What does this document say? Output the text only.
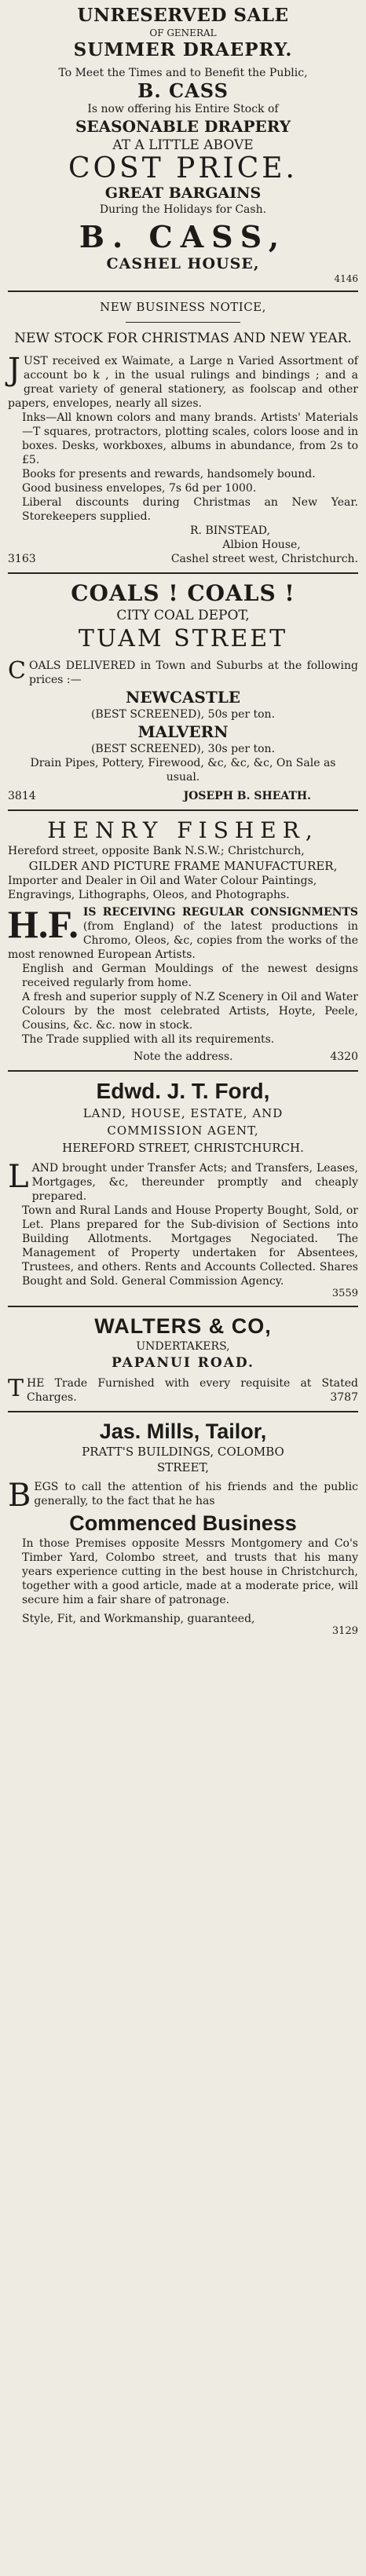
UNRESERVED SALE
OF GENERAL
SUMMER DRAEPRY.
To Meet the Times and to Benefit the Public,
B. CASS
Is now offering his Entire Stock of
SEASONABLE DRAPERY
AT A LITTLE ABOVE
COST PRICE.
GREAT BARGAINS
During the Holidays for Cash.
B. CASS,
CASHEL HOUSE,
4146
NEW BUSINESS NOTICE,
NEW STOCK FOR CHRISTMAS AND NEW YEAR.
JUST received ex Waimate, a Large n Varied Assortment of account bo k , in the usual rulings and bindings ; and a great variety of general stationery, as foolscap and other papers, envelopes, nearly all sizes.
Inks—All known colors and many brands. Artists' Materials—T squares, protractors, plotting scales, colors loose and in boxes. Desks, workboxes, albums in abundance, from 2s to £5.
Books for presents and rewards, handsomely bound.
Good business envelopes, 7s 6d per 1000.
Liberal discounts during Christmas an New Year. Storekeepers supplied.
R. BINSTEAD,
Albion House,
3163	Cashel street west, Christchurch.
COALS ! COALS !
CITY COAL DEPOT,
TUAM STREET
COALS DELIVERED in Town and Suburbs at the following prices :—
NEWCASTLE
(BEST SCREENED), 50s per ton.
MALVERN
(BEST SCREENED), 30s per ton.
Drain Pipes, Pottery, Firewood, &c, &c, &c, On Sale as usual.
3814	JOSEPH B. SHEATH.
HENRY FISHER,
Hereford street, opposite Bank N.S.W.; Christchurch,
GILDER AND PICTURE FRAME MANUFACTURER,
Importer and Dealer in Oil and Water Colour Paintings,
Engravings, Lithographs, Oleos, and Photographs.
H.F. IS RECEIVING REGULAR CONSIGNMENTS (from England) of the latest productions in Chromo, Oleos, &c, copies from the works of the most renowned European Artists.
English and German Mouldings of the newest designs received regularly from home.
A fresh and superior supply of N.Z Scenery in Oil and Water Colours by the most celebrated Artists, Hoyte, Peele, Cousins, &c. &c. now in stock.
The Trade supplied with all its requirements.
Note the address.	4320
Edwd. J. T. Ford,
LAND, HOUSE, ESTATE, AND
COMMISSION AGENT,
HEREFORD STREET, CHRISTCHURCH.
LAND brought under Transfer Acts; and Transfers, Leases, Mortgages, &c, thereunder promptly and cheaply prepared.
Town and Rural Lands and House Property Bought, Sold, or Let. Plans prepared for the Sub-division of Sections into Building Allotments. Mortgages Negociated. The Management of Property undertaken for Absentees, Trustees, and others. Rents and Accounts Collected. Shares Bought and Sold. General Commission Agency.
3559
WALTERS & CO,
UNDERTAKERS,
PAPANUI ROAD.
THE Trade Furnished with every requisite at Stated Charges.	3787
Jas. Mills, Tailor,
PRATT'S BUILDINGS, COLOMBO
STREET,
BEGS to call the attention of his friends and the public generally, to the fact that he has
Commenced Business
In those Premises opposite Messrs Montgomery and Co's Timber Yard, Colombo street, and trusts that his many years experience cutting in the best house in Christchurch, together with a good article, made at a moderate price, will secure him a fair share of patronage.
Style, Fit, and Workmanship, guaranteed,
3129
